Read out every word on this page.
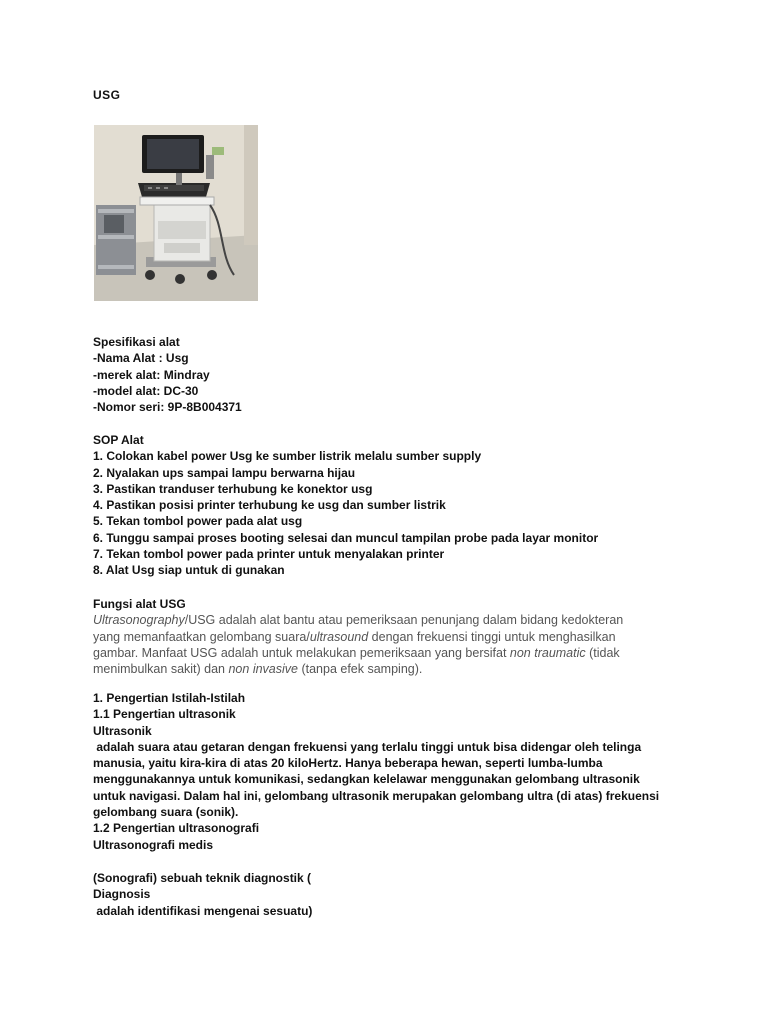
USG
Spesifikasi alat
-Nama Alat : Usg
-merek alat: Mindray
-model alat: DC-30
-Nomor seri: 9P-8B004371
SOP Alat
1. Colokan kabel power Usg ke sumber listrik melalu sumber supply
2. Nyalakan ups sampai lampu berwarna hijau
3. Pastikan tranduser terhubung ke konektor usg
4. Pastikan posisi printer terhubung ke usg dan sumber listrik
5. Tekan tombol power pada alat usg
6. Tunggu sampai proses booting selesai dan muncul tampilan probe pada layar monitor
7. Tekan tombol power pada printer untuk menyalakan printer
8. Alat Usg siap untuk di gunakan
Fungsi alat USG
Ultrasonography/USG adalah alat bantu atau pemeriksaan penunjang dalam bidang kedokteran
yang memanfaatkan gelombang suara/ultrasound dengan frekuensi tinggi untuk menghasilkan
gambar. Manfaat USG adalah untuk melakukan pemeriksaan yang bersifat non traumatic (tidak
menimbulkan sakit) dan non invasive (tanpa efek samping).
1. Pengertian Istilah-Istilah
1.1 Pengertian ultrasonik
Ultrasonik
adalah suara atau getaran dengan frekuensi yang terlalu tinggi untuk bisa didengar oleh telinga
manusia, yaitu kira-kira di atas 20 kiloHertz. Hanya beberapa hewan, seperti lumba-lumba
menggunakannya untuk komunikasi, sedangkan kelelawar menggunakan gelombang ultrasonik
untuk navigasi. Dalam hal ini, gelombang ultrasonik merupakan gelombang ultra (di atas) frekuensi
gelombang suara (sonik).
1.2 Pengertian ultrasonografi
Ultrasonografi medis
(Sonografi) sebuah teknik diagnostik (
Diagnosis
adalah identifikasi mengenai sesuatu)
